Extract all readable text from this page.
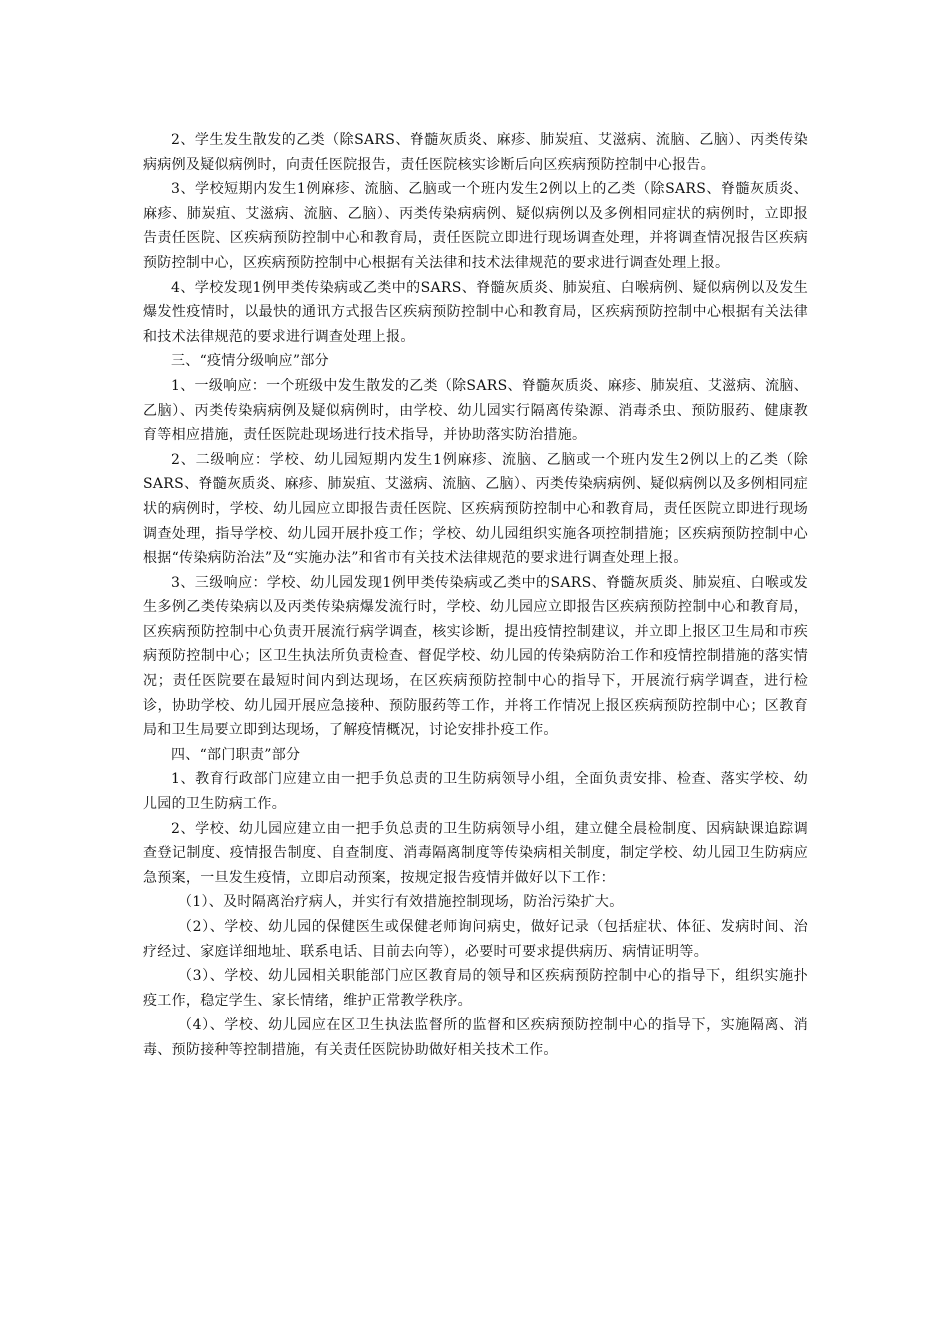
2、学生发生散发的乙类（除SARS、脊髓灰质炎、麻疹、肺炭疽、艾滋病、流脑、乙脑）、丙类传染病病例及疑似病例时，向责任医院报告，责任医院核实诊断后向区疾病预防控制中心报告。

3、学校短期内发生1例麻疹、流脑、乙脑或一个班内发生2例以上的乙类（除SARS、脊髓灰质炎、麻疹、肺炭疽、艾滋病、流脑、乙脑）、丙类传染病病例、疑似病例以及多例相同症状的病例时，立即报告责任医院、区疾病预防控制中心和教育局，责任医院立即进行现场调查处理，并将调查情况报告区疾病预防控制中心，区疾病预防控制中心根据有关法律和技术法律规范的要求进行调查处理上报。

4、学校发现1例甲类传染病或乙类中的SARS、脊髓灰质炎、肺炭疽、白喉病例、疑似病例以及发生爆发性疫情时，以最快的通讯方式报告区疾病预防控制中心和教育局，区疾病预防控制中心根据有关法律和技术法律规范的要求进行调查处理上报。

三、“疫情分级响应”部分

1、一级响应：一个班级中发生散发的乙类（除SARS、脊髓灰质炎、麻疹、肺炭疽、艾滋病、流脑、乙脑）、丙类传染病病例及疑似病例时，由学校、幼儿园实行隔离传染源、消毒杀虫、预防服药、健康教育等相应措施，责任医院赴现场进行技术指导，并协助落实防治措施。

2、二级响应：学校、幼儿园短期内发生1例麻疹、流脑、乙脑或一个班内发生2例以上的乙类（除SARS、脊髓灰质炎、麻疹、肺炭疽、艾滋病、流脑、乙脑）、丙类传染病病例、疑似病例以及多例相同症状的病例时，学校、幼儿园应立即报告责任医院、区疾病预防控制中心和教育局，责任医院立即进行现场调查处理，指导学校、幼儿园开展扑疫工作；学校、幼儿园组织实施各项控制措施；区疾病预防控制中心根据“传染病防治法”及“实施办法”和省市有关技术法律规范的要求进行调查处理上报。

3、三级响应：学校、幼儿园发现1例甲类传染病或乙类中的SARS、脊髓灰质炎、肺炭疽、白喉或发生多例乙类传染病以及丙类传染病爆发流行时，学校、幼儿园应立即报告区疾病预防控制中心和教育局，区疾病预防控制中心负责开展流行病学调查，核实诊断，提出疫情控制建议，并立即上报区卫生局和市疾病预防控制中心；区卫生执法所负责检查、督促学校、幼儿园的传染病防治工作和疫情控制措施的落实情况；责任医院要在最短时间内到达现场，在区疾病预防控制中心的指导下，开展流行病学调查，进行检诊，协助学校、幼儿园开展应急接种、预防服药等工作，并将工作情况上报区疾病预防控制中心；区教育局和卫生局要立即到达现场，了解疫情概况，讨论安排扑疫工作。

四、“部门职责”部分

1、教育行政部门应建立由一把手负总责的卫生防病领导小组，全面负责安排、检查、落实学校、幼儿园的卫生防病工作。

2、学校、幼儿园应建立由一把手负总责的卫生防病领导小组，建立健全晨检制度、因病缺课追踪调查登记制度、疫情报告制度、自查制度、消毒隔离制度等传染病相关制度，制定学校、幼儿园卫生防病应急预案，一旦发生疫情，立即启动预案，按规定报告疫情并做好以下工作：

（1）、及时隔离治疗病人，并实行有效措施控制现场，防治污染扩大。

（2）、学校、幼儿园的保健医生或保健老师询问病史，做好记录（包括症状、体征、发病时间、治疗经过、家庭详细地址、联系电话、目前去向等），必要时可要求提供病历、病情证明等。

（3）、学校、幼儿园相关职能部门应区教育局的领导和区疾病预防控制中心的指导下，组织实施扑疫工作，稳定学生、家长情绪，维护正常教学秩序。

（4）、学校、幼儿园应在区卫生执法监督所的监督和区疾病预防控制中心的指导下，实施隔离、消毒、预防接种等控制措施，有关责任医院协助做好相关技术工作。
